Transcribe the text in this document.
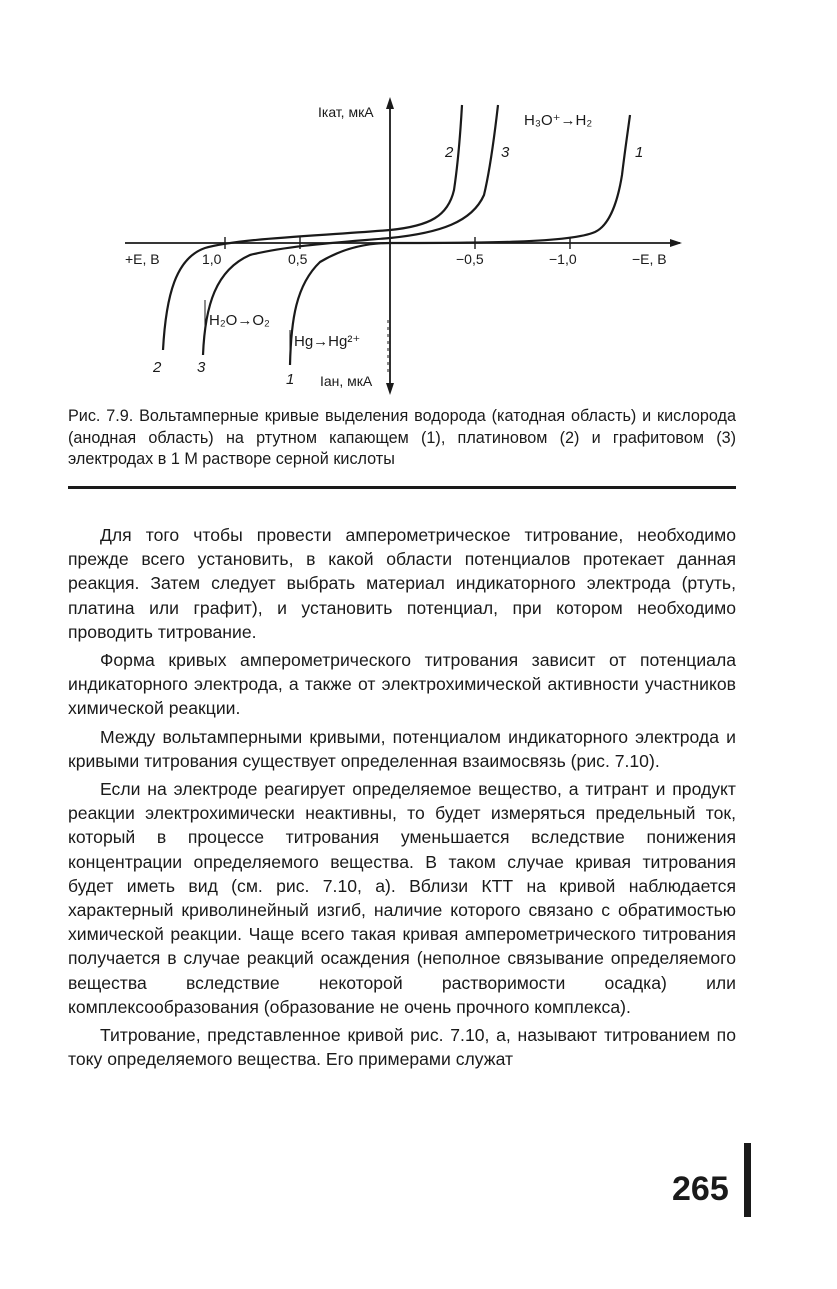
Iкат, мкА
Iан, мкА
+E, В	−E, В
1,0	0,5	−0,5	−1,0
H₃O⁺→H₂
H₂O→O₂
Hg→Hg²⁺
2	3	1
2 3
1
Рис. 7.9. Вольтамперные кривые выделения водорода (катодная область) и кислорода (анодная область) на ртутном капающем (1), платиновом (2) и графитовом (3) электродах в 1 М растворе серной кислоты

Для того чтобы провести амперометрическое титрование, необходимо прежде всего установить, в какой области потенциалов протекает данная реакция. Затем следует выбрать материал индикаторного электрода (ртуть, платина или графит), и установить потенциал, при котором необходимо проводить титрование.

Форма кривых амперометрического титрования зависит от потенциала индикаторного электрода, а также от электрохимической активности участников химической реакции.

Между вольтамперными кривыми, потенциалом индикаторного электрода и кривыми титрования существует определенная взаимосвязь (рис. 7.10).

Если на электроде реагирует определяемое вещество, а титрант и продукт реакции электрохимически неактивны, то будет измеряться предельный ток, который в процессе титрования уменьшается вследствие понижения концентрации определяемого вещества. В таком случае кривая титрования будет иметь вид (см. рис. 7.10, а). Вблизи КТТ на кривой наблюдается характерный криволинейный изгиб, наличие которого связано с обратимостью химической реакции. Чаще всего такая кривая амперометрического титрования получается в случае реакций осаждения (неполное связывание определяемого вещества вследствие некоторой растворимости осадка) или комплексообразования (образование не очень прочного комплекса).

Титрование, представленное кривой рис. 7.10, а, называют титрованием по току определяемого вещества. Его примерами служат

265
